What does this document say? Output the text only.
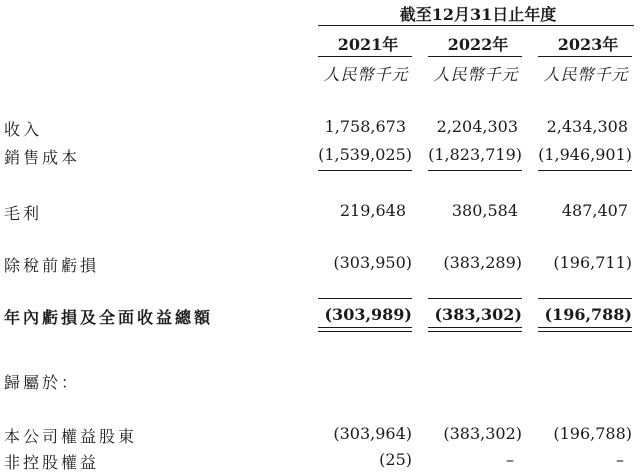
截至12月31日止年度
2021年	2022年	2023年
人民幣千元	人民幣千元	人民幣千元
收入	1,758,673	2,204,303	2,434,308
銷售成本	(1,539,025)	(1,823,719)	(1,946,901)
毛利	219,648	380,584	487,407
除稅前虧損	(303,950)	(383,289)	(196,711)
年內虧損及全面收益總額	(303,989)	(383,302)	(196,788)
歸屬於：
本公司權益股東	(303,964)	(383,302)	(196,788)
非控股權益	(25)	–	–
